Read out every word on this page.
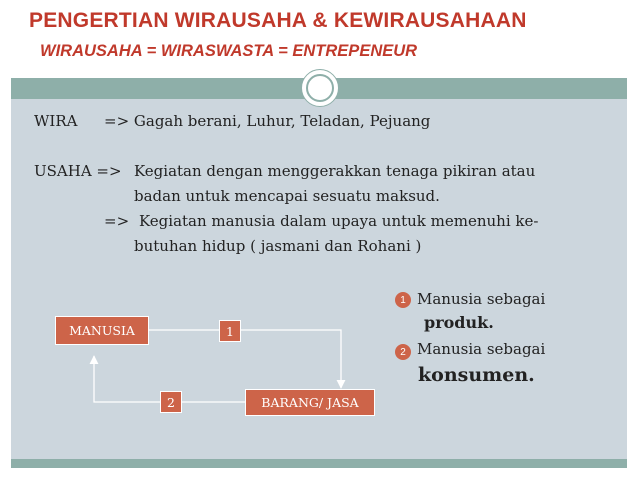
PENGERTIAN WIRAUSAHA & KEWIRAUSAHAAN
WIRAUSAHA = WIRASWASTA = ENTREPENEUR
WIRA => Gagah berani, Luhur, Teladan, Pejuang
USAHA => Kegiatan dengan menggerakkan tenaga pikiran atau
badan untuk mencapai sesuatu maksud.
=> Kegiatan manusia dalam upaya untuk memenuhi ke-
butuhan hidup ( jasmani dan Rohani )
MANUSIA	1
2	BARANG/ JASA
1 Manusia sebagai
produk.
2 Manusia sebagai
konsumen.
